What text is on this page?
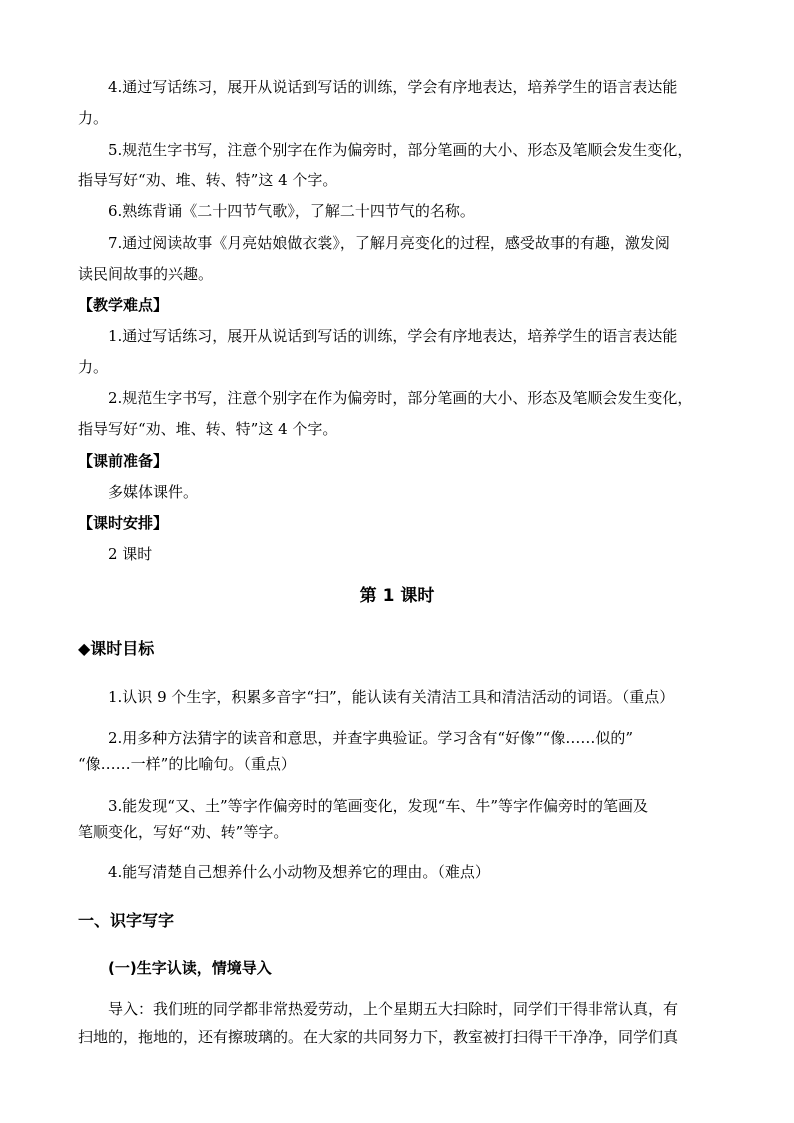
4.通过写话练习，展开从说话到写话的训练，学会有序地表达，培养学生的语言表达能
力。
5.规范生字书写，注意个别字在作为偏旁时，部分笔画的大小、形态及笔顺会发生变化，
指导写好“劝、堆、转、特”这 4 个字。
6.熟练背诵《二十四节气歌》，了解二十四节气的名称。
7.通过阅读故事《月亮姑娘做衣裳》，了解月亮变化的过程，感受故事的有趣，激发阅
读民间故事的兴趣。
【教学难点】
1.通过写话练习，展开从说话到写话的训练，学会有序地表达，培养学生的语言表达能
力。
2.规范生字书写，注意个别字在作为偏旁时，部分笔画的大小、形态及笔顺会发生变化，
指导写好“劝、堆、转、特”这 4 个字。
【课前准备】
多媒体课件。
【课时安排】
2 课时
第 1 课时
◆课时目标
1.认识 9 个生字，积累多音字“扫”，能认读有关清洁工具和清洁活动的词语。（重点）
2.用多种方法猜字的读音和意思，并查字典验证。学习含有“好像”“像……似的”
“像……一样”的比喻句。（重点）
3.能发现“又、土”等字作偏旁时的笔画变化，发现“车、牛”等字作偏旁时的笔画及
笔顺变化，写好“劝、转”等字。
4.能写清楚自己想养什么小动物及想养它的理由。（难点）
一、识字写字
(一)生字认读，情境导入
导入：我们班的同学都非常热爱劳动，上个星期五大扫除时，同学们干得非常认真，有
扫地的，拖地的，还有擦玻璃的。在大家的共同努力下，教室被打扫得干干净净，同学们真
